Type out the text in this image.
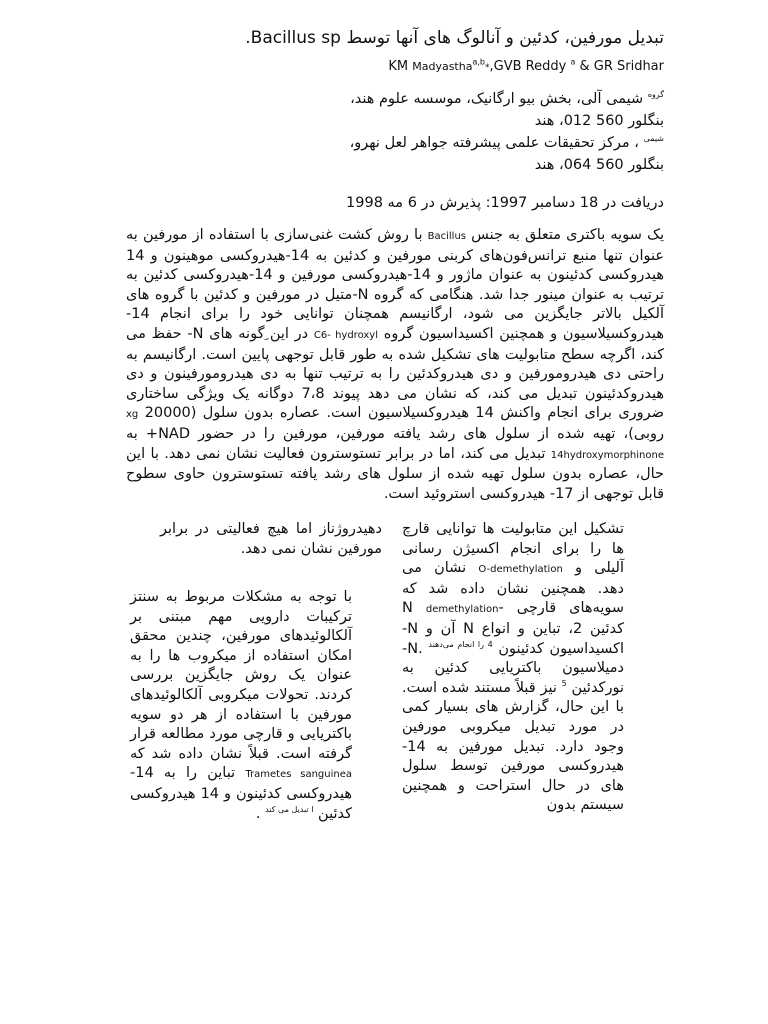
تبدیل مورفین، کدئین و آنالوگ های آنها توسط Bacillus sp.
KM Madyastha$^{a,b}$*,GVB Reddy $^a$ & GR Sridhar

$^{گروه}$ شیمی آلی، بخش بیو ارگانیک، موسسه علوم هند،

بنگلور 560 012، هند

$^{شیمی}$ ، مرکز تحقیقات علمی پیشرفته جواهر لعل نهرو،

بنگلور 560 064، هند

دریافت در 18 دسامبر 1997: پذیرش در 6 مه 1998

یک سویه باکتری متعلق به جنس Bacillus با روش کشت غنی‌سازی با استفاده از مورفین به عنوان تنها منبع ترانس‌فون‌های کربنی مورفین و کدئین به 14-هیدروکسی موهینون و 14 هیدروکسی کدئینون به عنوان ماژور و 14-هیدروکسی مورفین و 14-هیدروکسی کدئین به ترتیب به عنوان مینور جدا شد. هنگامی که گروه N-متیل در مورفین و کدئین با گروه های آلکیل بالاتر جایگزین می شود، ارگانیسم همچنان توانایی خود را برای انجام 14-هیدروکسیلاسیون و همچنین اکسیداسیون گروه C6- hydroxyl در این ِگونه های N- حفظ می کند، اگرچه سطح متابولیت های تشکیل شده به طور قابل توجهی پایین است. ارگانیسم به راحتی دی هیدرومورفین و دی هیدروکدئین را به ترتیب تنها به دی هیدرومورفینون و دی هیدروکدئینون تبدیل می کند، که نشان می دهد پیوند 7،8 دوگانه یک ویژگی ساختاری ضروری برای انجام واکنش 14 هیدروکسیلاسیون است. عصاره بدون سلول (20000 xg روبی)، تهیه شده از سلول های رشد یافته مورفین، مورفین را در حضور NAD+ به 14hydroxymorphinone تبدیل می کند، اما در برابر تستوسترون فعالیت نشان نمی دهد. با این حال، عصاره بدون سلول تهیه شده از سلول های رشد یافته تستوسترون حاوی سطوح قابل توجهی از 17- هیدروکسی استروئید است.

تشکیل این متابولیت ها توانایی قارچ ها را برای انجام اکسیژن رسانی آلیلی و O-demethylation نشان می دهد. همچنین نشان داده شد که سویه‌های قارچی -N demethylation کدئین 2، تباین و انواع N آن و N-اکسیداسیون کدئینون $^{4 را انجام می‌دهند}$ .N- دمیلاسیون باکتریایی کدئین به نورکدئین $^5$ نیز قبلاً مستند شده است. با این حال، گزارش های بسیار کمی در مورد تبدیل میکروبی مورفین وجود دارد. تبدیل مورفین به 14-هیدروکسی مورفین توسط سلول های در حال استراحت و همچنین سیستم بدون

دهیدروژناز اما هیچ فعالیتی در برابر مورفین نشان نمی دهد.

با توجه به مشکلات مربوط به سنتز ترکیبات دارویی مهم مبتنی بر آلکالوئیدهای مورفین، چندین محقق امکان استفاده از میکروب ها را به عنوان یک روش جایگزین بررسی کردند. تحولات میکروبی آلکالوئیدهای مورفین با استفاده از هر دو سویه باکتریایی و قارچی مورد مطالعه قرار گرفته است. قبلاً نشان داده شد که Trametes sanguinea تباین را به 14-هیدروکسی کدئینون و 14 هیدروکسی کدئین $^{ا تبدیل می کند}$ .
